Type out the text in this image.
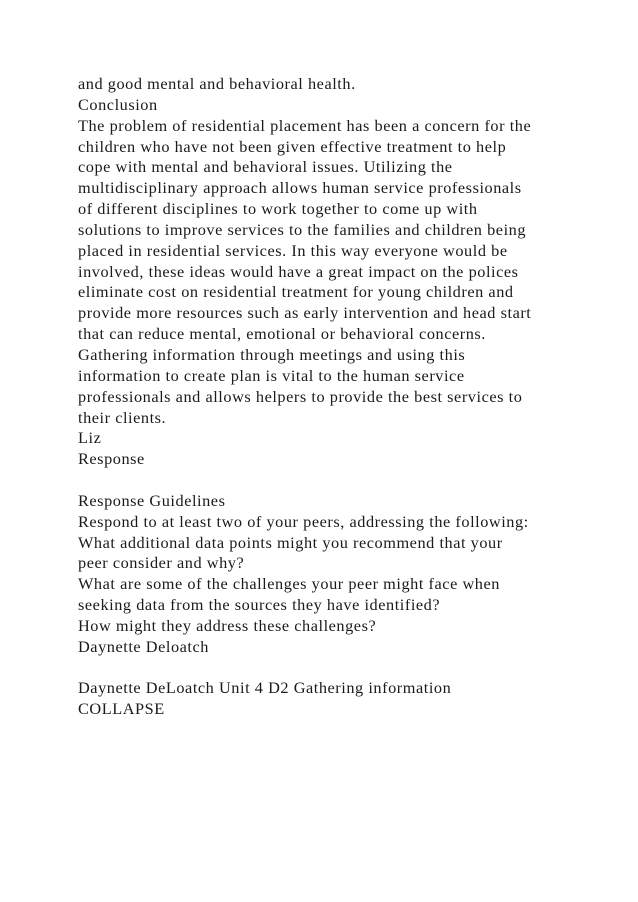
and good mental and behavioral health.
Conclusion
The problem of residential placement has been a concern for the
children who have not been given effective treatment to help
cope with mental and behavioral issues. Utilizing the
multidisciplinary approach allows human service professionals
of different disciplines to work together to come up with
solutions to improve services to the families and children being
placed in residential services. In this way everyone would be
involved, these ideas would have a great impact on the polices
eliminate cost on residential treatment for young children and
provide more resources such as early intervention and head start
that can reduce mental, emotional or behavioral concerns.
Gathering information through meetings and using this
information to create plan is vital to the human service
professionals and allows helpers to provide the best services to
their clients.
Liz
Response
Response Guidelines
Respond to at least two of your peers, addressing the following:
What additional data points might you recommend that your
peer consider and why?
What are some of the challenges your peer might face when
seeking data from the sources they have identified?
How might they address these challenges?
Daynette Deloatch
Daynette DeLoatch Unit 4 D2 Gathering information
COLLAPSE
